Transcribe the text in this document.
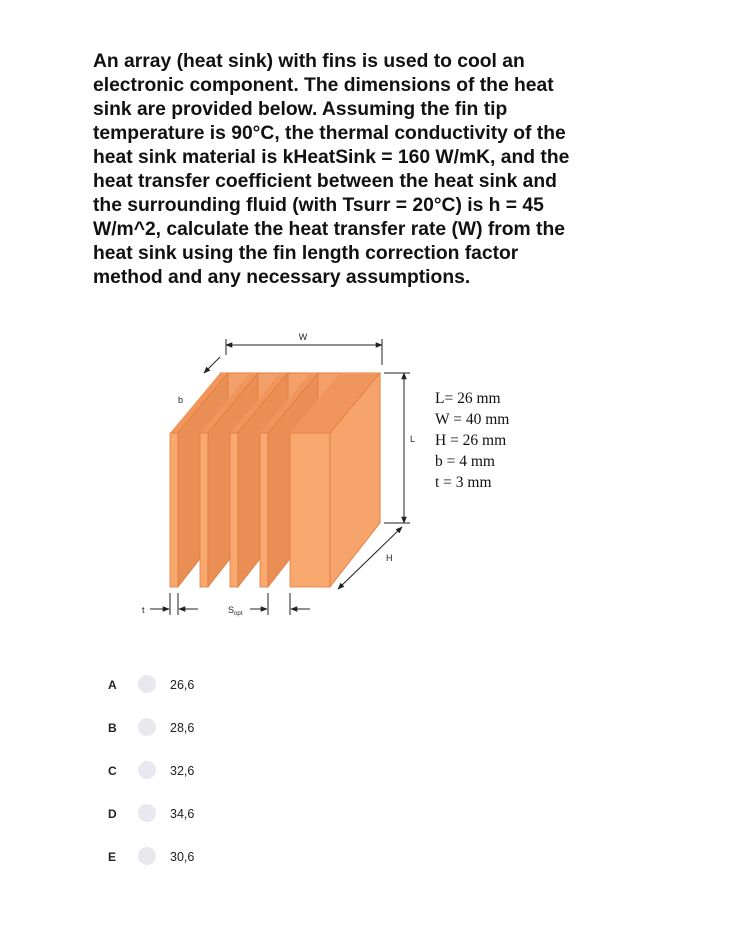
An array (heat sink) with fins is used to cool an
electronic component. The dimensions of the heat
sink are provided below. Assuming the fin tip
temperature is 90°C, the thermal conductivity of the
heat sink material is kHeatSink = 160 W/mK, and the
heat transfer coefficient between the heat sink and
the surrounding fluid (with Tsurr = 20°C) is h = 45
W/m^2, calculate the heat transfer rate (W) from the
heat sink using the fin length correction factor
method and any necessary assumptions.
W
b
L
H
t	$S_{opt}$
L= 26 mm
W = 40 mm
H = 26 mm
b = 4 mm
t = 3 mm
A	26,6
B	28,6
C	32,6
D	34,6
E	30,6
